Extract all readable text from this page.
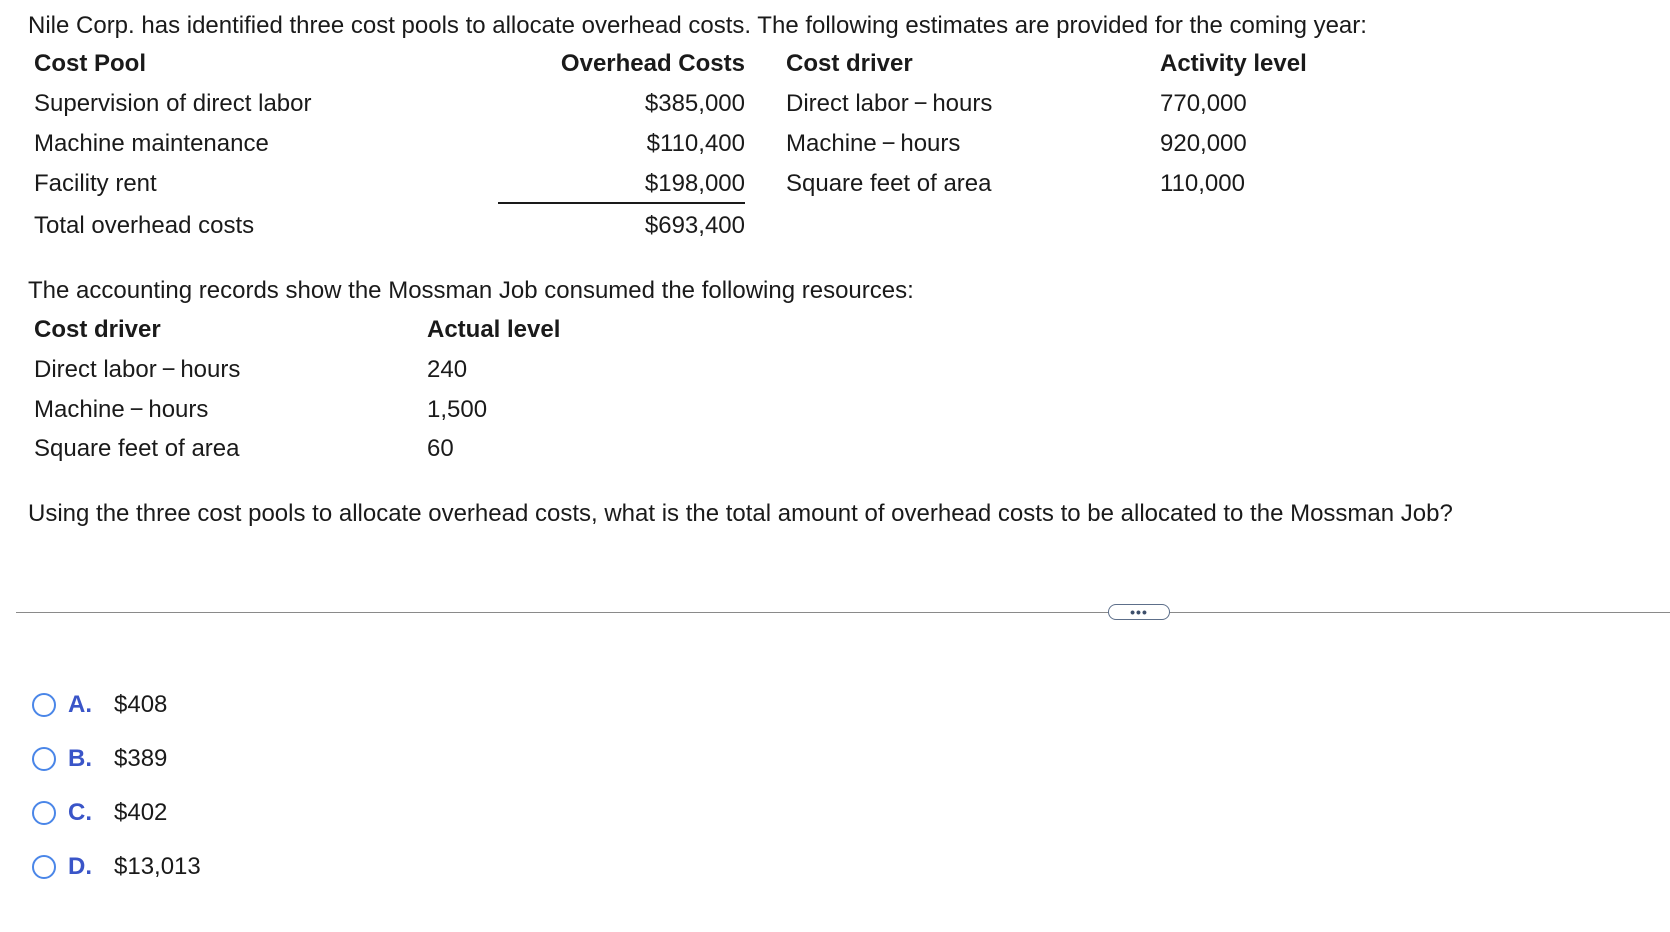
Nile Corp. has identified three cost pools to allocate overhead costs. The following estimates are provided for the coming year:
Cost Pool	Overhead Costs Cost driver	Activity level
Supervision of direct labor	$385,000 Direct labor − hours	770,000
Machine maintenance	$110,400 Machine − hours	920,000
Facility rent	$198,000 Square feet of area	110,000
Total overhead costs	$693,400
The accounting records show the Mossman Job consumed the following resources:
Cost driver	Actual level
Direct labor − hours	240
Machine − hours	1,500
Square feet of area	60
Using the three cost pools to allocate overhead costs, what is the total amount of overhead costs to be allocated to the Mossman Job?
•••
A. $408
B. $389
C. $402
D. $13,013
